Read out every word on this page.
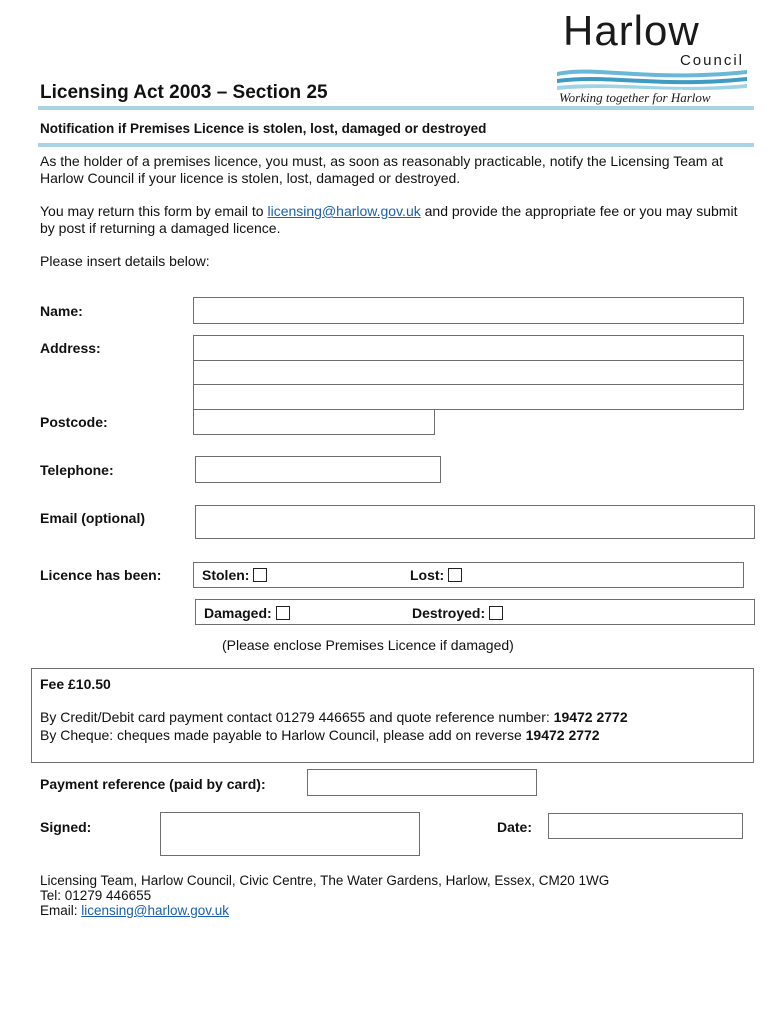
Harlow
Council
Working together for Harlow
Licensing Act 2003 – Section 25
Notification if Premises Licence is stolen, lost, damaged or destroyed
As the holder of a premises licence, you must, as soon as reasonably practicable, notify the Licensing Team at Harlow Council if your licence is stolen, lost, damaged or destroyed.
You may return this form by email to licensing@harlow.gov.uk and provide the appropriate fee or you may submit by post if returning a damaged licence.
Please insert details below:
Name:
Address:
Postcode:
Telephone:
Email (optional)
Licence has been:	Stolen:	Lost:
Damaged:	Destroyed:
(Please enclose Premises Licence if damaged)
Fee £10.50
By Credit/Debit card payment contact 01279 446655 and quote reference number: 19472 2772
By Cheque: cheques made payable to Harlow Council, please add on reverse 19472 2772
Payment reference (paid by card):
Signed:	Date:
Licensing Team, Harlow Council, Civic Centre, The Water Gardens, Harlow, Essex, CM20 1WG
Tel: 01279 446655
Email: licensing@harlow.gov.uk
